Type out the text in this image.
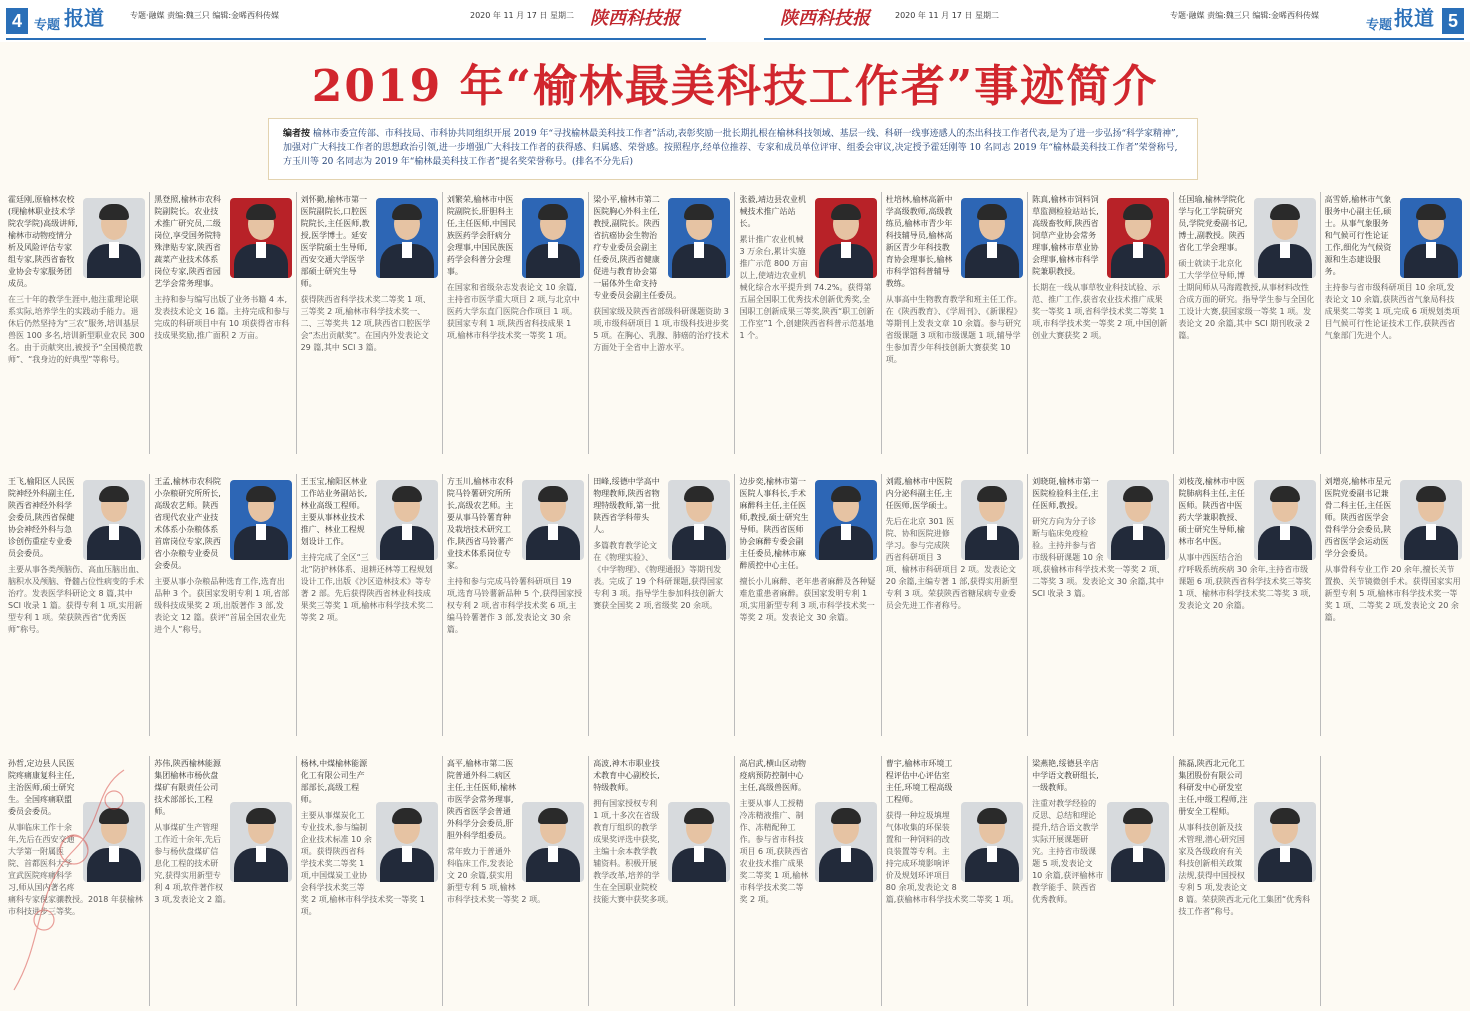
4 专题 报道	专题·融媒 责编:魏三只 编辑:金晞西科传媒	2020 年 11 月 17 日 星期二 陕西科技报	陕西科技报	2020 年 11 月 17 日 星期二	专题·融媒 责编:魏三只 编辑:金晞西科传媒
专题 报道 5
2019 年“榆林最美科技工作者”事迹简介
编者按 榆林市委宣传部、市科技局、市科协共同组织开展 2019 年“寻找榆林最美科技工作者”活动,表彰奖励一批长期扎根在榆林科技领域、基层一线、科研一线事迹感人的杰出科技工作者代表,是为了进一步弘扬“科学家精神”,加强对广大科技工作者的思想政治引领,进一步增强广大科技工作者的获得感、归属感、荣誉感。按照程序,经单位推荐、专家和成员单位评审、组委会审议,决定授予霍廷刚等 10 名同志 2019 年“榆林最美科技工作者”荣誉称号,方玉川等 20 名同志为 2019 年“榆林最美科技工作者”提名奖荣誉称号。(排名不分先后)
霍廷刚,原榆林农校(现榆林职业技术学院农学院)高级讲师,榆林市动物疫情分析及风险评估专家组专家,陕西省畜牧业协会专家服务团成员。
在三十年的教学生涯中,他注重理论联系实际,培养学生的实践动手能力。退休后仍然坚持为“三农”服务,培训基层兽医 100 多名,培训新型职业农民 300 名。由于贡献突出,被授予“全国模范教师”、“我身边的好典型”等称号。
黑登照,榆林市农科院副院长。农业技术推广研究员,二级岗位,享受国务院特殊津贴专家,陕西省蔬菜产业技术体系岗位专家,陕西省园艺学会常务理事。
主持和参与编写出版了业务书籍 4 本,发表技术论文 16 篇。主持完成和参与完成的科研项目中有 10 项获得省市科技成果奖励,推广面积 2 万亩。
刘怀勤,榆林市第一医院副院长,口腔医院院长,主任医师,教授,医学博士。延安医学院硕士生导师,西安交通大学医学部硕士研究生导师。
获得陕西省科学技术奖二等奖 1 项、三等奖 2 项,榆林市科学技术奖一、二、三等奖共 12 项,陕西省口腔医学会“杰出贡献奖”。在国内外发表论文 29 篇,其中 SCI 3 篇。
刘繁荣,榆林市中医院副院长,肝胆科主任,主任医师,中国民族医药学会肝病分会理事,中国民族医药学会科普分会理事。
在国家和省级杂志发表论文 10 余篇,主持省市医学重大项目 2 项,与北京中医药大学东直门医院合作项目 1 项。获国家专利 1 项,陕西省科技成果 1 项,榆林市科学技术奖一等奖 1 项。
梁小平,榆林市第二医院胸心外科主任,教授,副院长。陕西省抗癌协会生物治疗专业委员会副主任委员,陕西省健康促进与教育协会第一届体外生命支持专业委员会副主任委员。
获国家级及陕西省部级科研课题资助 3 项,市级科研项目 1 项,市级科技进步奖 5 项。在胸心、乳腺、肺癌的治疗技术方面处于全省中上游水平。
张毅,靖边县农业机械技术推广站站长。
累计推广农业机械 3 万余台,累计实施推广示范 800 万亩以上,使靖边农业机械化综合水平提升到 74.2%。获得第五届全国职工优秀技术创新优秀奖,全国职工创新成果三等奖,陕西“职工创新工作室”1 个,创建陕西省科普示范基地 1 个。
杜培林,榆林高新中学高级教师,高级教练员,榆林市青少年科技辅导员,榆林高新区青少年科技教育协会理事长,榆林市科学馆科普辅导教练。
从事高中生物教育教学和班主任工作。在《陕西教育》、《学周刊》、《新课程》等期刊上发表文章 10 余篇。参与研究省级课题 3 项和市级课题 1 项,辅导学生参加青少年科技创新大赛获奖 10 项。
陈真,榆林市饲料饲草监测检验站站长,高级畜牧师,陕西省饲草产业协会常务理事,榆林市草业协会理事,榆林市科学院兼职教授。
长期在一线从事草牧业科技试验、示范、推广工作,获省农业技术推广成果奖一等奖 1 项,省科学技术奖二等奖 1 项,市科学技术奖一等奖 2 项,中国创新创业大赛获奖 2 项。
任国瑜,榆林学院化学与化工学院研究员,学院党委副书记,博士,副教授。陕西省化工学会理事。
硕士就读于北京化工大学学位导师,博士期间师从马海霞教授,从事材料改性合成方面的研究。指导学生参与全国化工设计大赛,获国家级一等奖 1 项。发表论文 20 余篇,其中 SCI 期刊收录 2 篇。
高雪娇,榆林市气象服务中心副主任,硕士。从事气象服务和气候可行性论证工作,细化为气候资源和生态建设服务。
主持参与省市级科研项目 10 余项,发表论文 10 余篇,获陕西省气象局科技成果奖二等奖 1 项,完成 6 项规划类项目气候可行性论证技术工作,获陕西省气象部门先进个人。
王飞,榆阳区人民医院神经外科副主任,陕西省神经外科学会委员,陕西省保健协会神经外科与急诊创伤重症专业委员会委员。
主要从事各类颅脑伤、高血压脑出血、脑积水及颅脑、脊髓占位性病变的手术治疗。发表医学科研论文 8 篇,其中 SCI 收录 1 篇。获得专利 1 项,实用新型专利 1 项。荣获陕西省“优秀医师”称号。
王孟,榆林市农科院小杂粮研究所所长,高级农艺师。陕西省现代农业产业技术体系小杂粮体系首席岗位专家,陕西省小杂粮专业委员会委员。
主要从事小杂粮品种选育工作,选育出品种 3 个。获国家发明专利 1 项,省部级科技成果奖 2 项,出版著作 3 部,发表论文 12 篇。获评“首届全国农业先进个人”称号。
王玉宝,榆阳区林业工作站业务副站长,林业高级工程师。主要从事林业技术推广、林业工程规划设计工作。
主持完成了全区“三北”防护林体系、退耕还林等工程规划设计工作,出版《沙区造林技术》等专著 2 部。先后获得陕西省林业科技成果奖三等奖 1 项,榆林市科学技术奖二等奖 2 项。
方玉川,榆林市农科院马铃薯研究所所长,高级农艺师。主要从事马铃薯育种及栽培技术研究工作,陕西省马铃薯产业技术体系岗位专家。
主持和参与完成马铃薯科研项目 19 项,选育马铃薯新品种 5 个,获得国家授权专利 2 项,省市科学技术奖 6 项,主编马铃薯著作 3 部,发表论文 30 余篇。
田峰,绥德中学高中物理教师,陕西省物理特级教师,第一批陕西省学科带头人。
多篇教育教学论文在《物理实验》、《中学物理》、《物理通报》等期刊发表。完成了 19 个科研课题,获得国家专利 3 项。指导学生参加科技创新大赛获全国奖 2 项,省级奖 20 余项。
边步奕,榆林市第一医院人事科长,手术麻醉科主任,主任医师,教授,硕士研究生导师。陕西省医师协会麻醉专委会副主任委员,榆林市麻醉质控中心主任。
擅长小儿麻醉、老年患者麻醉及各种疑难危重患者麻醉。获国家发明专利 1 项,实用新型专利 3 项,市科学技术奖一等奖 2 项。发表论文 30 余篇。
刘霞,榆林市中医院内分泌科副主任,主任医师,医学硕士。
先后在北京 301 医院、协和医院进修学习。参与完成陕西省科研项目 3 项、榆林市科研项目 2 项。发表论文 20 余篇,主编专著 1 部,获得实用新型专利 3 项。荣获陕西省糖尿病专业委员会先进工作者称号。
刘晓斑,榆林市第一医院检验科主任,主任医师,教授。
研究方向为分子诊断与临床免疫检验。主持并参与省市级科研课题 10 余项,获榆林市科学技术奖一等奖 2 项、二等奖 3 项。发表论文 30 余篇,其中 SCI 收录 3 篇。
刘枝茂,榆林市中医院肺病科主任,主任医师。陕西省中医药大学兼职教授、硕士研究生导师,榆林市名中医。
从事中西医结合治疗呼吸系统疾病 30 余年,主持省市级课题 6 项,获陕西省科学技术奖三等奖 1 项、榆林市科学技术奖二等奖 3 项,发表论文 20 余篇。
刘增亮,榆林市星元医院党委副书记兼骨二科主任,主任医师。陕西省医学会骨科学分会委员,陕西省医学会运动医学分会委员。
从事骨科专业工作 20 余年,擅长关节置换、关节镜微创手术。获得国家实用新型专利 5 项,榆林市科学技术奖一等奖 1 项、二等奖 2 项,发表论文 20 余篇。
孙哲,定边县人民医院疼痛康复科主任,主治医师,硕士研究生。全国疼痛联盟委员会委员。
从事临床工作十余年,先后在西安交通大学第一附属医院、首都医科大学宣武医院疼痛科学习,师从国内著名疼痛科专家倪家骧教授。2018 年获榆林市科技进步三等奖。
苏伟,陕西榆林能源集团榆林市杨伙盘煤矿有限责任公司技术部部长,工程师。
从事煤矿生产管理工作近十余年,先后参与杨伙盘煤矿信息化工程的技术研究,获得实用新型专利 4 项,软件著作权 3 项,发表论文 2 篇。
杨林,中煤榆林能源化工有限公司生产部部长,高级工程师。
主要从事煤炭化工专业技术,参与编制企业技术标准 10 余项。获得陕西省科学技术奖二等奖 1 项,中国煤炭工业协会科学技术奖三等奖 2 项,榆林市科学技术奖一等奖 1 项。
高平,榆林市第二医院普通外科二病区主任,主任医师,榆林市医学会常务理事,陕西省医学会普通外科学分会委员,肝胆外科学组委员。
常年致力于普通外科临床工作,发表论文 20 余篇,获实用新型专利 5 项,榆林市科学技术奖一等奖 2 项。
高波,神木市职业技术教育中心副校长,特级教师。
拥有国家授权专利 1 项,十多次在省级教育厅组织的教学成果奖评选中获奖,主编十余本教学教辅资料。积极开展教学改革,培养的学生在全国职业院校技能大赛中获奖多项。
高启武,横山区动物疫病预防控制中心主任,高级兽医师。
主要从事人工授精冷冻精液推广、制作、冻精配种工作。参与省市科技项目 6 项,获陕西省农业技术推广成果奖二等奖 1 项,榆林市科学技术奖二等奖 2 项。
曹宇,榆林市环境工程评估中心评估室主任,环境工程高级工程师。
获得一种垃圾填埋气体收集的环保装置和一种饲料的改良装置等专利。主持完成环境影响评价及规划环评项目 80 余项,发表论文 8 篇,获榆林市科学技术奖二等奖 1 项。
梁燕艳,绥德县辛店中学语文教研组长,一级教师。
注重对教学经验的反思、总结和理论提升,结合语文教学实际开展课题研究。主持省市级课题 5 项,发表论文 10 余篇,获评榆林市教学能手、陕西省优秀教师。
熊磊,陕西北元化工集团股份有限公司科研发中心研发室主任,中级工程师,注册安全工程师。
从事科技创新及技术管理,潜心研究国家及各级政府有关科技创新相关政策法规,获得中国授权专利 5 项,发表论文 8 篇。荣获陕西北元化工集团“优秀科技工作者”称号。
